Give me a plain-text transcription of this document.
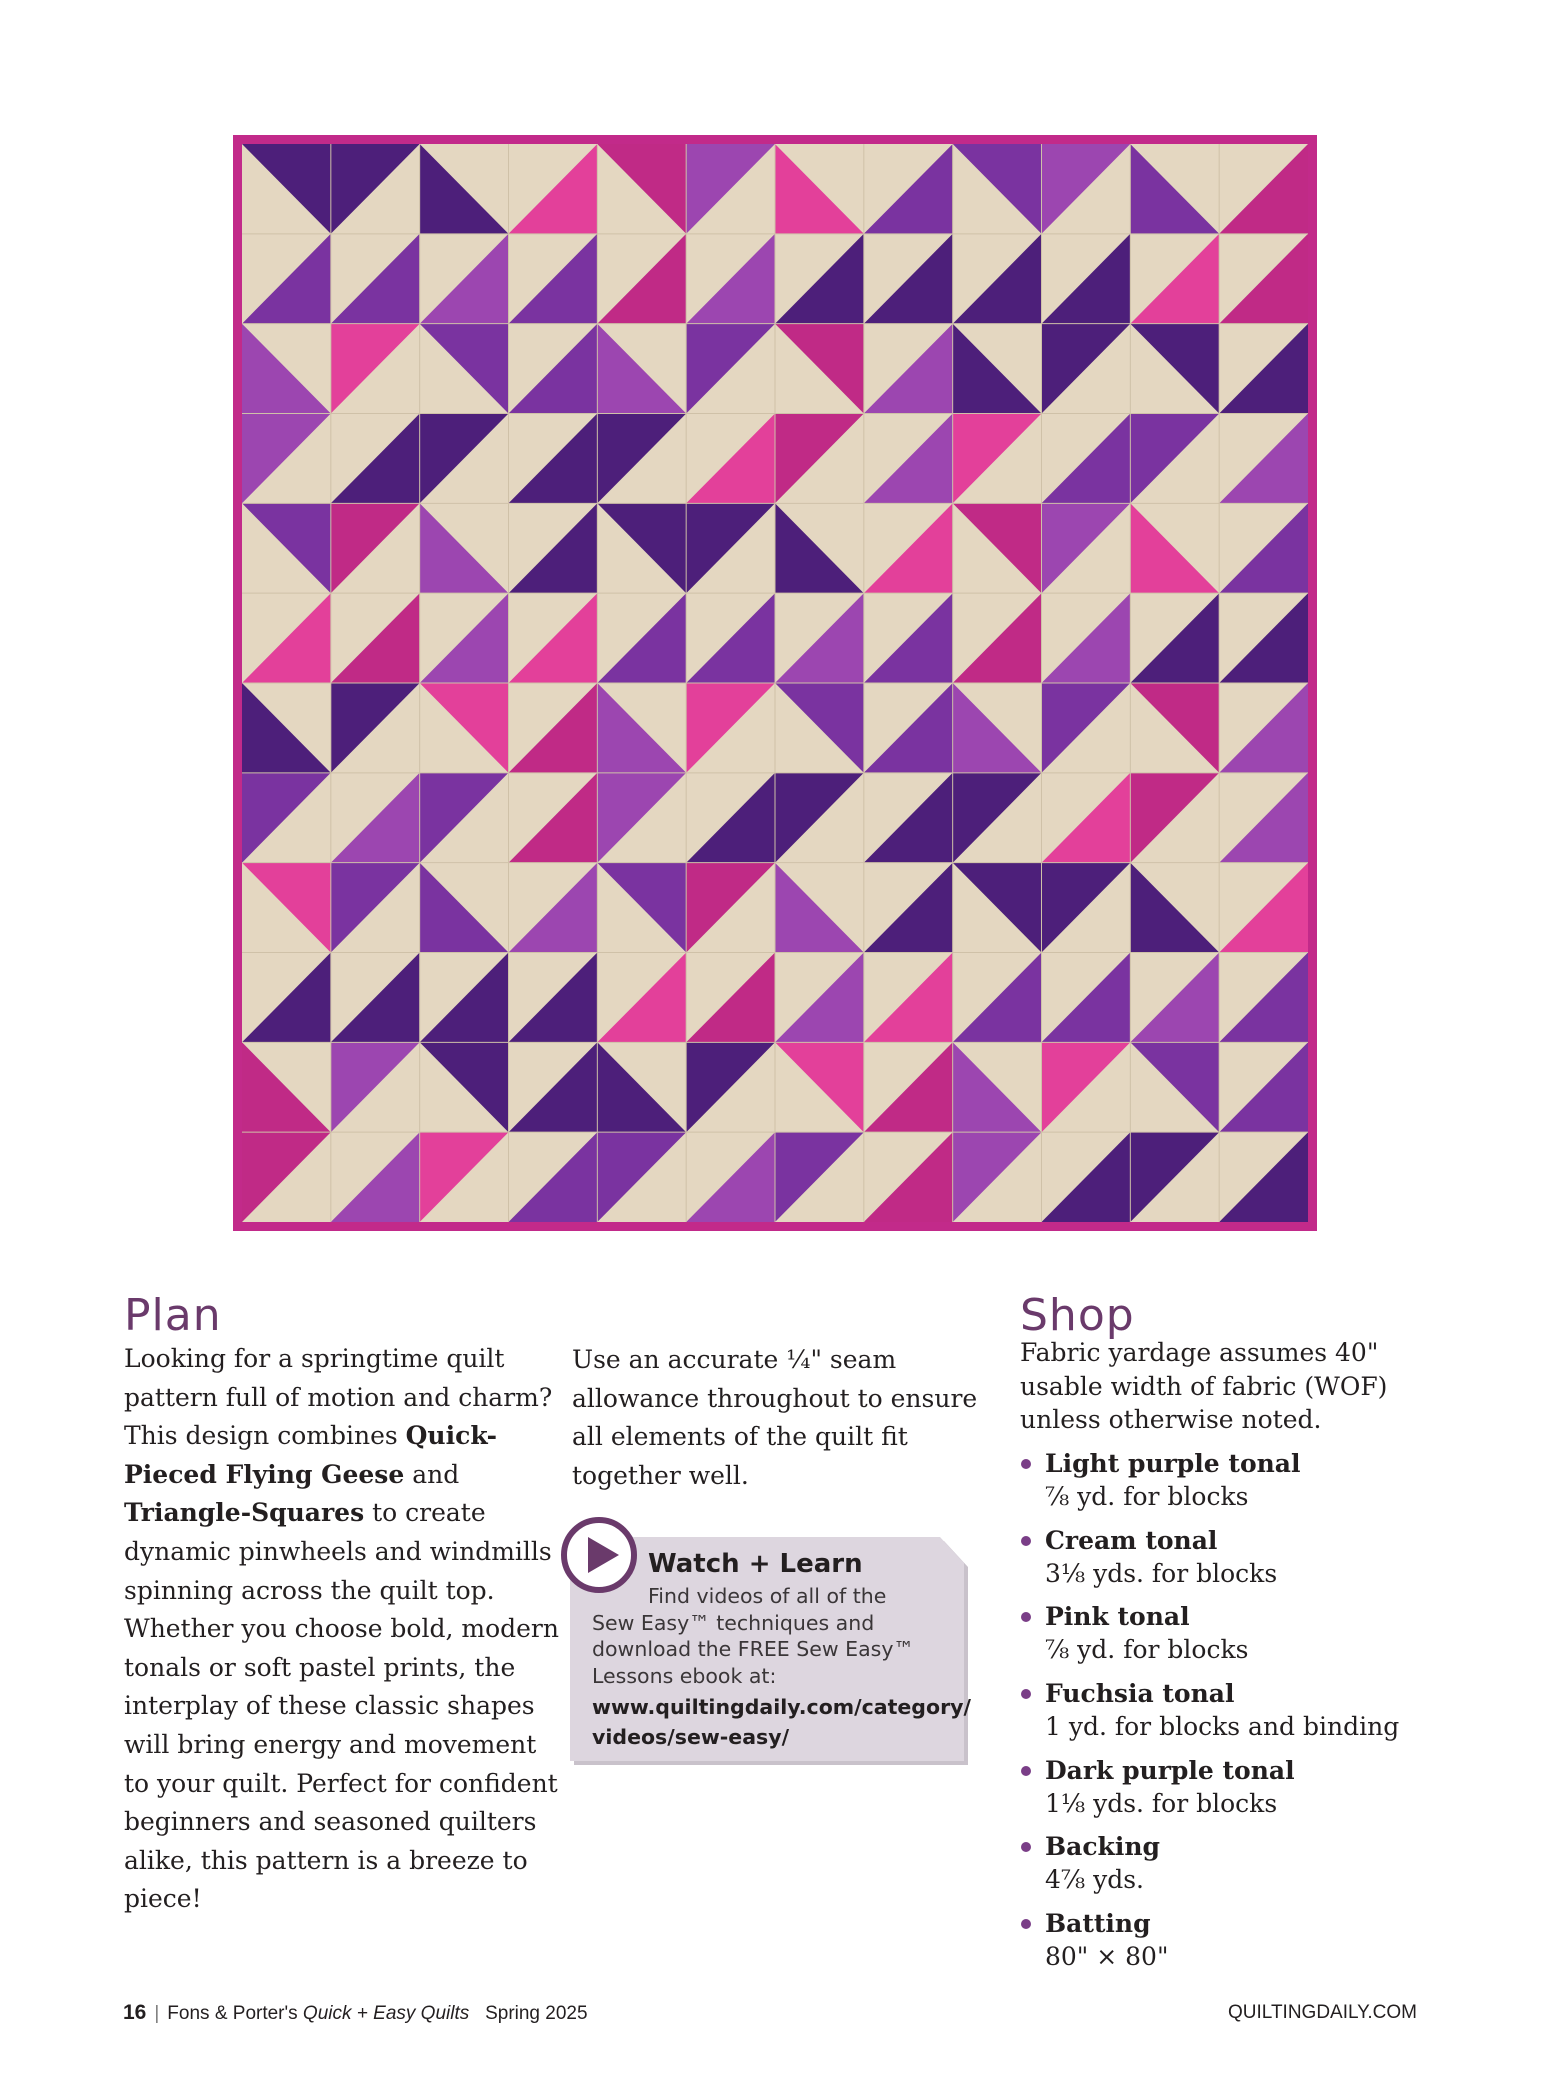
Plan

Looking for a springtime quilt pattern full of motion and charm? This design combines Quick-Pieced Flying Geese and Triangle-Squares to create dynamic pinwheels and windmills spinning across the quilt top. Whether you choose bold, modern tonals or soft pastel prints, the interplay of these classic shapes will bring energy and movement to your quilt. Perfect for confident beginners and seasoned quilters alike, this pattern is a breeze to piece!

Use an accurate ¼" seam allowance throughout to ensure all elements of the quilt fit together well.

Watch + Learn

Find videos of all of the
Sew Easy™ techniques and download the FREE Sew Easy™ Lessons ebook at:

www.quiltingdaily.com/category/
videos/sew-easy/

Shop

Fabric yardage assumes 40" usable width of fabric (WOF) unless otherwise noted.

Light purple tonal
⅞ yd. for blocks
Cream tonal
3⅛ yds. for blocks
Pink tonal
⅞ yd. for blocks
Fuchsia tonal
1 yd. for blocks and binding
Dark purple tonal
1⅛ yds. for blocks
Backing
4⅞ yds.
Batting
80" × 80"

16 | Fons & Porter's Quick + Easy Quilts Spring 2025	QUILTINGDAILY.COM
